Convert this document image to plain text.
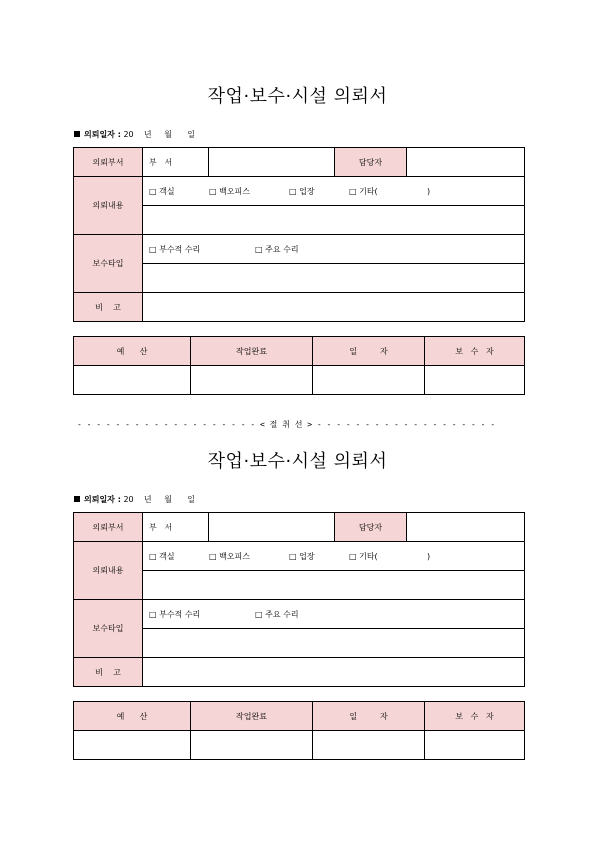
작업·보수·시설 의뢰서
의뢰일자 : 20 년 월 일
의뢰부서	부   서		담당자	
의뢰내용	□ 객실 □ 백오피스 □ 업장 □ 기타( )			

보수타입	□ 부수적 수리 □ 주요 수리			

비    고				
예      산	작업완료	일         자	보   수   자

- - - - - - - - - - - - - - - - - - - < 절 취 선 > - - - - - - - - - - - - - - - - - - -
작업·보수·시설 의뢰서
의뢰일자 : 20 년 월 일
의뢰부서	부   서		담당자	
의뢰내용	□ 객실 □ 백오피스 □ 업장 □ 기타( )			

보수타입	□ 부수적 수리 □ 주요 수리			

비    고				
예      산	작업완료	일         자	보   수   자
